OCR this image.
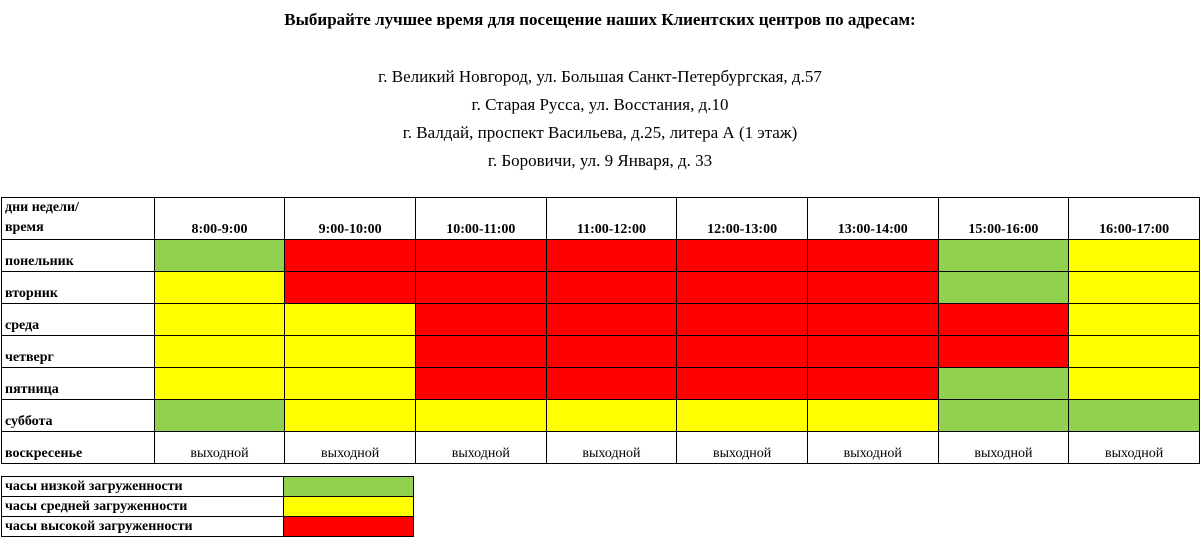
Выбирайте лучшее время для посещение наших Клиентских центров по адресам:
г. Великий Новгород, ул. Большая Санкт-Петербургская, д.57
г. Старая Русса, ул. Восстания, д.10
г. Валдай, проспект Васильева, д.25, литера А (1 этаж)
г. Боровичи, ул. 9 Января, д. 33
дни недели/
время	8:00-9:00	9:00-10:00	10:00-11:00	11:00-12:00	12:00-13:00	13:00-14:00	15:00-16:00	16:00-17:00
понельник								
вторник								
среда								
четверг								
пятница								
суббота								
воскресенье	выходной	выходной	выходной	выходной	выходной	выходной	выходной	выходной
часы низкой загруженности	
часы средней загруженности	
часы высокой загруженности	
